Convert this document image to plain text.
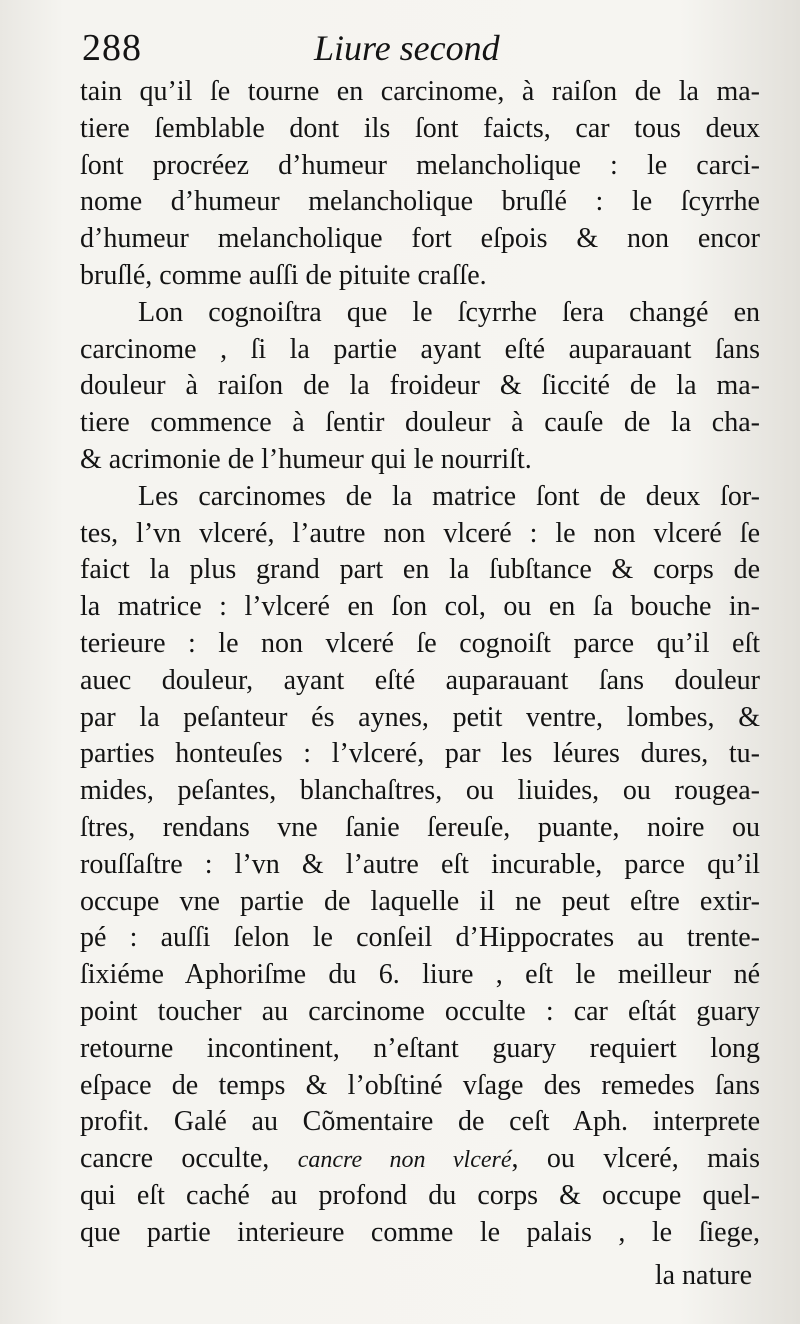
288	Liure second
tain qu’il ſe tourne en carcinome, à raiſon de la ma-
tiere ſemblable dont ils ſont faicts, car tous deux
ſont procréez d’humeur melancholique : le carci-
nome d’humeur melancholique bruſlé : le ſcyrrhe
d’humeur melancholique fort eſpois & non encor
bruſlé, comme auſſi de pituite craſſe.
Lon cognoiſtra que le ſcyrrhe ſera changé en
carcinome , ſi la partie ayant eſté auparauant ſans
douleur à raiſon de la froideur & ſiccité de la ma-
tiere commence à ſentir douleur à cauſe de la cha-
& acrimonie de l’humeur qui le nourriſt.
Les carcinomes de la matrice ſont de deux ſor-
tes, l’vn vlceré, l’autre non vlceré : le non vlceré ſe
faict la plus grand part en la ſubſtance & corps de
la matrice : l’vlceré en ſon col, ou en ſa bouche in-
terieure : le non vlceré ſe cognoiſt parce qu’il eſt
auec douleur, ayant eſté auparauant ſans douleur
par la peſanteur és aynes, petit ventre, lombes, &
parties honteuſes : l’vlceré, par les léures dures, tu-
mides, peſantes, blanchaſtres, ou liuides, ou rougea-
ſtres, rendans vne ſanie ſereuſe, puante, noire ou
rouſſaſtre : l’vn & l’autre eſt incurable, parce qu’il
occupe vne partie de laquelle il ne peut eſtre extir-
pé : auſſi ſelon le conſeil d’Hippocrates au trente-
ſixiéme Aphoriſme du 6. liure , eſt le meilleur né
point toucher au carcinome occulte : car eſtát guary
retourne incontinent, n’eſtant guary requiert long
eſpace de temps & l’obſtiné vſage des remedes ſans
profit. Galé au Cõmentaire de ceſt Aph. interprete
cancre occulte, cancre non vlceré, ou vlceré, mais
qui eſt caché au profond du corps & occupe quel-
que partie interieure comme le palais , le ſiege,
la nature
